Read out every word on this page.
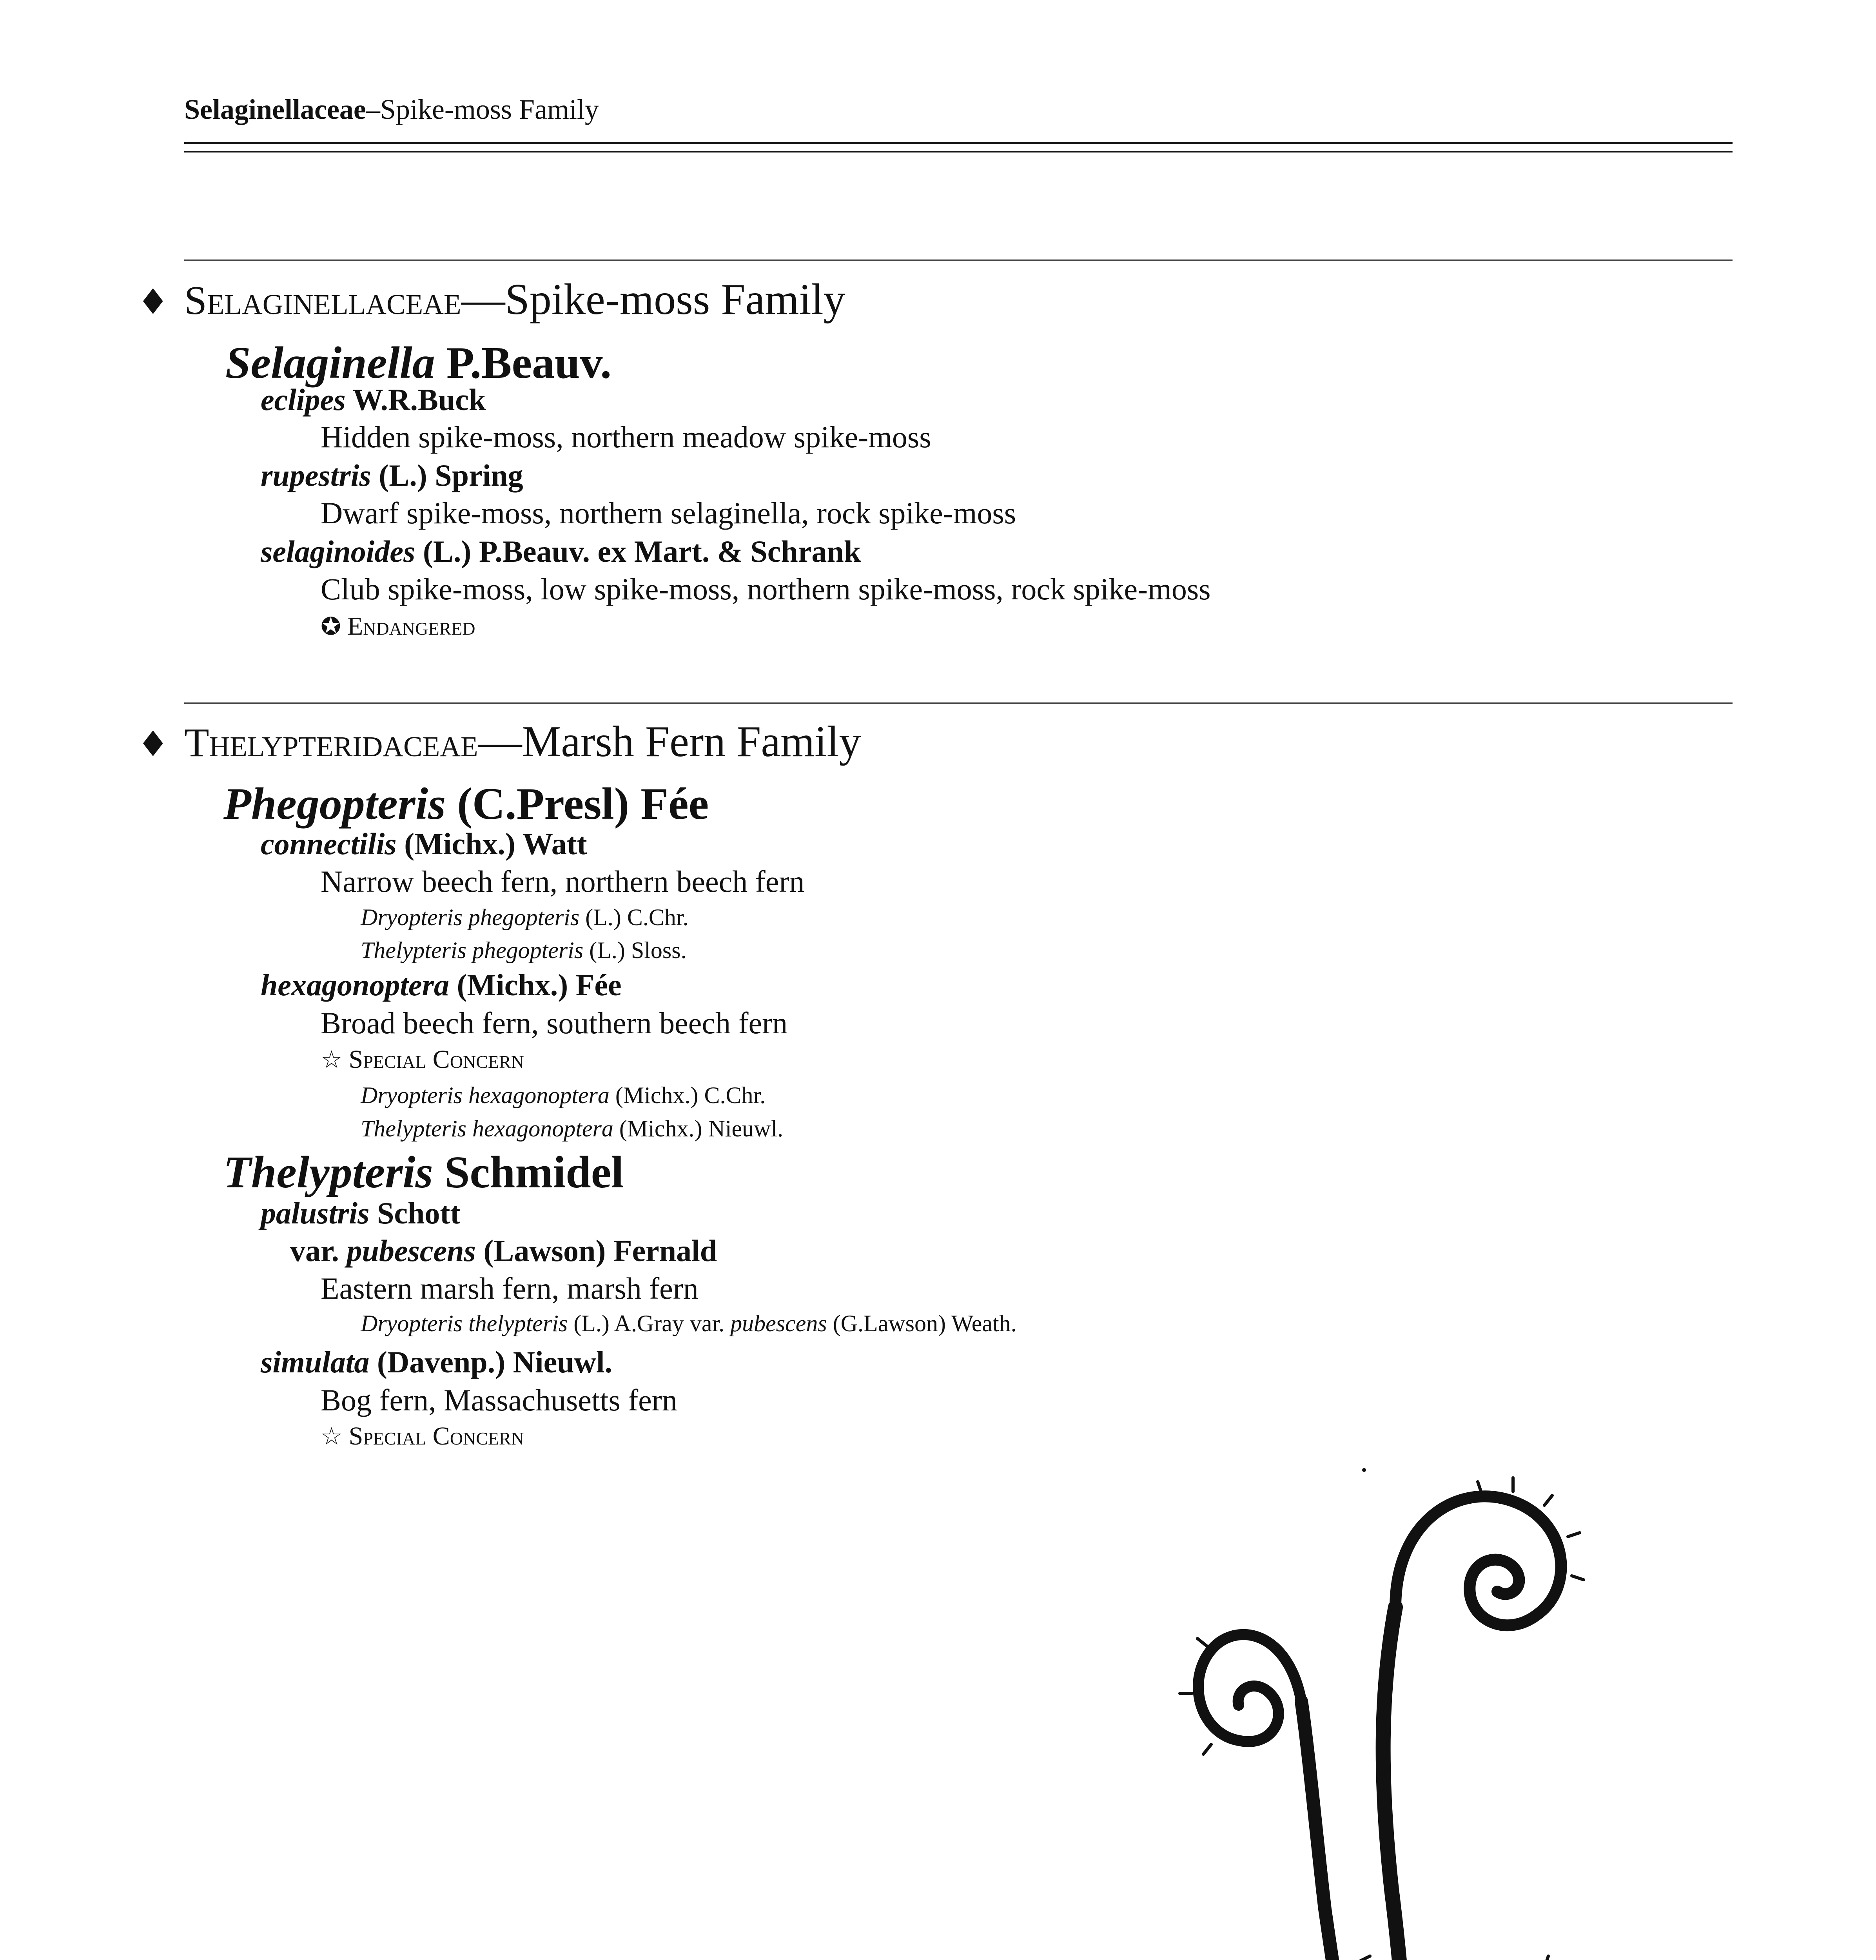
Selaginellaceae–Spike-moss Family
♦ Selaginellaceae—Spike-moss Family
Selaginella P.Beauv.
eclipes W.R.Buck
Hidden spike-moss, northern meadow spike-moss
rupestris (L.) Spring
Dwarf spike-moss, northern selaginella, rock spike-moss
selaginoides (L.) P.Beauv. ex Mart. & Schrank
Club spike-moss, low spike-moss, northern spike-moss, rock spike-moss
✪ Endangered
♦ Thelypteridaceae—Marsh Fern Family
Phegopteris (C.Presl) Fée
connectilis (Michx.) Watt
Narrow beech fern, northern beech fern
Dryopteris phegopteris (L.) C.Chr.
Thelypteris phegopteris (L.) Sloss.
hexagonoptera (Michx.) Fée
Broad beech fern, southern beech fern
☆ Special Concern
Dryopteris hexagonoptera (Michx.) C.Chr.
Thelypteris hexagonoptera (Michx.) Nieuwl.
Thelypteris Schmidel
palustris Schott
var. pubescens (Lawson) Fernald
Eastern marsh fern, marsh fern
Dryopteris thelypteris (L.) A.Gray var. pubescens (G.Lawson) Weath.
simulata (Davenp.) Nieuwl.
Bog fern, Massachusetts fern
☆ Special Concern
